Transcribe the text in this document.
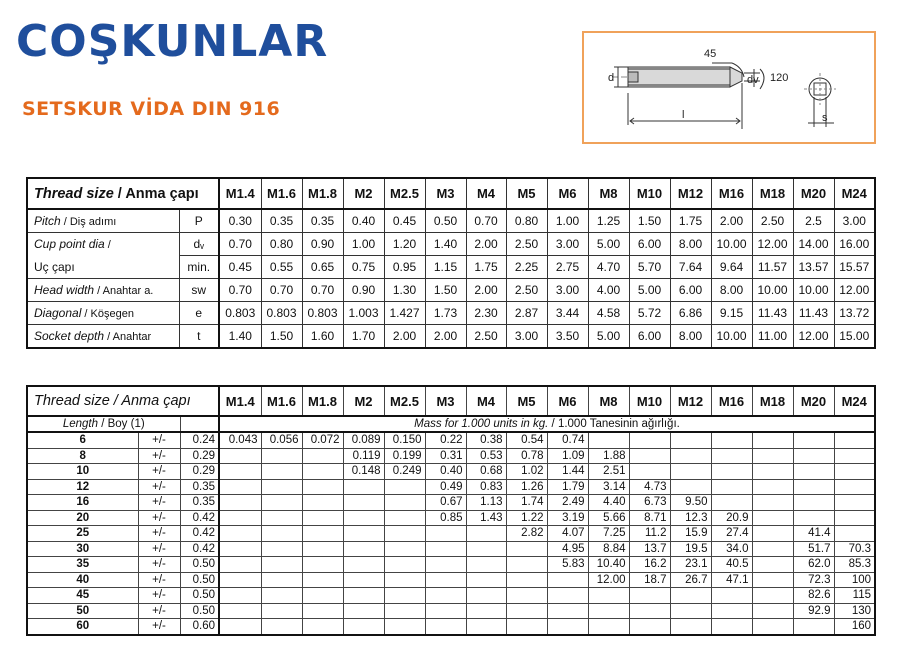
COŞKUNLAR
SETSKUR VİDA DIN 916
45
d	dv 120
l	s
Thread size / Anma çapı		M1.4	M1.6	M1.8	M2	M2.5	M3	M4	M5	M6	M8	M10	M12	M16	M18	M20	M24
Pitch / Diş adımı	P	0.30	0.35	0.35	0.40	0.45	0.50	0.70	0.80	1.00	1.25	1.50	1.75	2.00	2.50	2.5	3.00
Cup point dia /	dᵥ	0.70	0.80	0.90	1.00	1.20	1.40	2.00	2.50	3.00	5.00	6.00	8.00	10.00	12.00	14.00	16.00
Uç çapı	min.	0.45	0.55	0.65	0.75	0.95	1.15	1.75	2.25	2.75	4.70	5.70	7.64	9.64	11.57	13.57	15.57
Head width / Anahtar a.	sw	0.70	0.70	0.70	0.90	1.30	1.50	2.00	2.50	3.00	4.00	5.00	6.00	8.00	10.00	10.00	12.00
Diagonal / Köşegen	e	0.803	0.803	0.803	1.003	1.427	1.73	2.30	2.87	3.44	4.58	5.72	6.86	9.15	11.43	11.43	13.72
Socket depth / Anahtar	t	1.40	1.50	1.60	1.70	2.00	2.00	2.50	3.00	3.50	5.00	6.00	8.00	10.00	11.00	12.00	15.00
Thread size / Anma çapı			M1.4	M1.6	M1.8	M2	M2.5	M3	M4	M5	M6	M8	M10	M12	M16	M18	M20	M24
Length / Boy (1)			Mass for 1.000 units in kg. / 1.000 Tanesinin ağırlığı.															
6	+/-	0.24	0.043	0.056	0.072	0.089	0.150	0.22	0.38	0.54	0.74							
8	+/-	0.29				0.119	0.199	0.31	0.53	0.78	1.09	1.88						
10	+/-	0.29				0.148	0.249	0.40	0.68	1.02	1.44	2.51						
12	+/-	0.35						0.49	0.83	1.26	1.79	3.14	4.73					
16	+/-	0.35						0.67	1.13	1.74	2.49	4.40	6.73	9.50				
20	+/-	0.42						0.85	1.43	1.22	3.19	5.66	8.71	12.3	20.9			
25	+/-	0.42								2.82	4.07	7.25	11.2	15.9	27.4		41.4	
30	+/-	0.42									4.95	8.84	13.7	19.5	34.0		51.7	70.3
35	+/-	0.50									5.83	10.40	16.2	23.1	40.5		62.0	85.3
40	+/-	0.50										12.00	18.7	26.7	47.1		72.3	100
45	+/-	0.50															82.6	115
50	+/-	0.50															92.9	130
60	+/-	0.60																160
